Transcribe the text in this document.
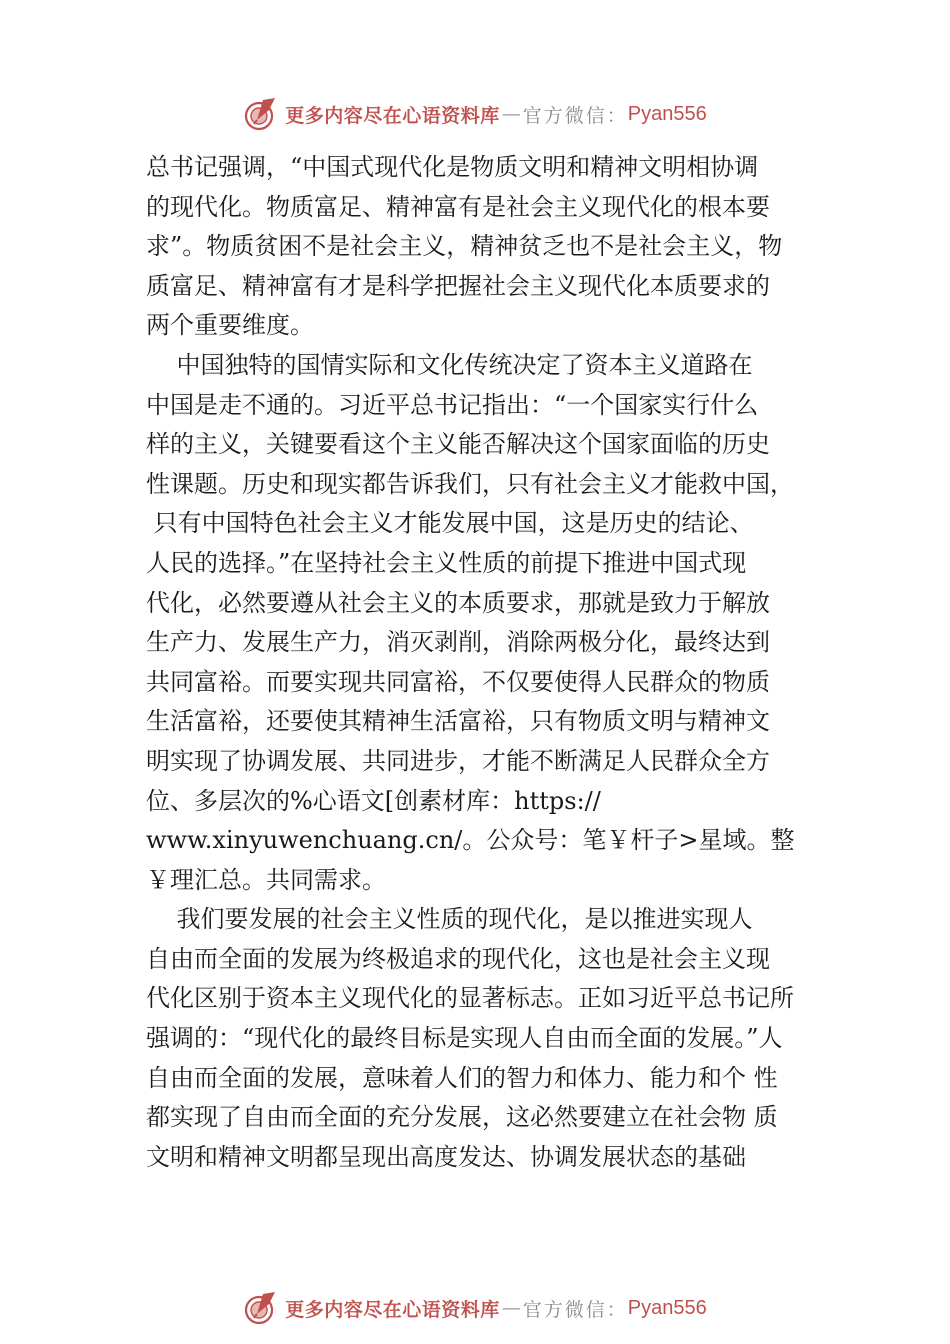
更多内容尽在心语资料库 — 官方微信： Pyan556

总书记强调，“中国式现代化是物质文明和精神文明相协调

的现代化。物质富足、精神富有是社会主义现代化的根本要

求”。物质贫困不是社会主义，精神贫乏也不是社会主义，物

质富足、精神富有才是科学把握社会主义现代化本质要求的

两个重要维度。

中国独特的国情实际和文化传统决定了资本主义道路在

中国是走不通的。习近平总书记指出：“一个国家实行什么

样的主义，关键要看这个主义能否解决这个国家面临的历史

性课题。历史和现实都告诉我们，只有社会主义才能救中国，

只有中国特色社会主义才能发展中国，这是历史的结论、

人民的选择。”在坚持社会主义性质的前提下推进中国式现

代化，必然要遵从社会主义的本质要求，那就是致力于解放

生产力、发展生产力，消灭剥削，消除两极分化，最终达到

共同富裕。而要实现共同富裕，不仅要使得人民群众的物质

生活富裕，还要使其精神生活富裕，只有物质文明与精神文

明实现了协调发展、共同进步，才能不断满足人民群众全方

位、多层次的%心语文[创素材库：https://

www.xinyuwenchuang.cn/。公众号：笔￥杆子>星域。整

￥理汇总。共同需求。

我们要发展的社会主义性质的现代化，是以推进实现人

自由而全面的发展为终极追求的现代化，这也是社会主义现

代化区别于资本主义现代化的显著标志。正如习近平总书记所

强调的：“现代化的最终目标是实现人自由而全面的发展。”人

自由而全面的发展，意味着人们的智力和体力、能力和个 性

都实现了自由而全面的充分发展，这必然要建立在社会物 质

文明和精神文明都呈现出高度发达、协调发展状态的基础

更多内容尽在心语资料库 — 官方微信： Pyan556
